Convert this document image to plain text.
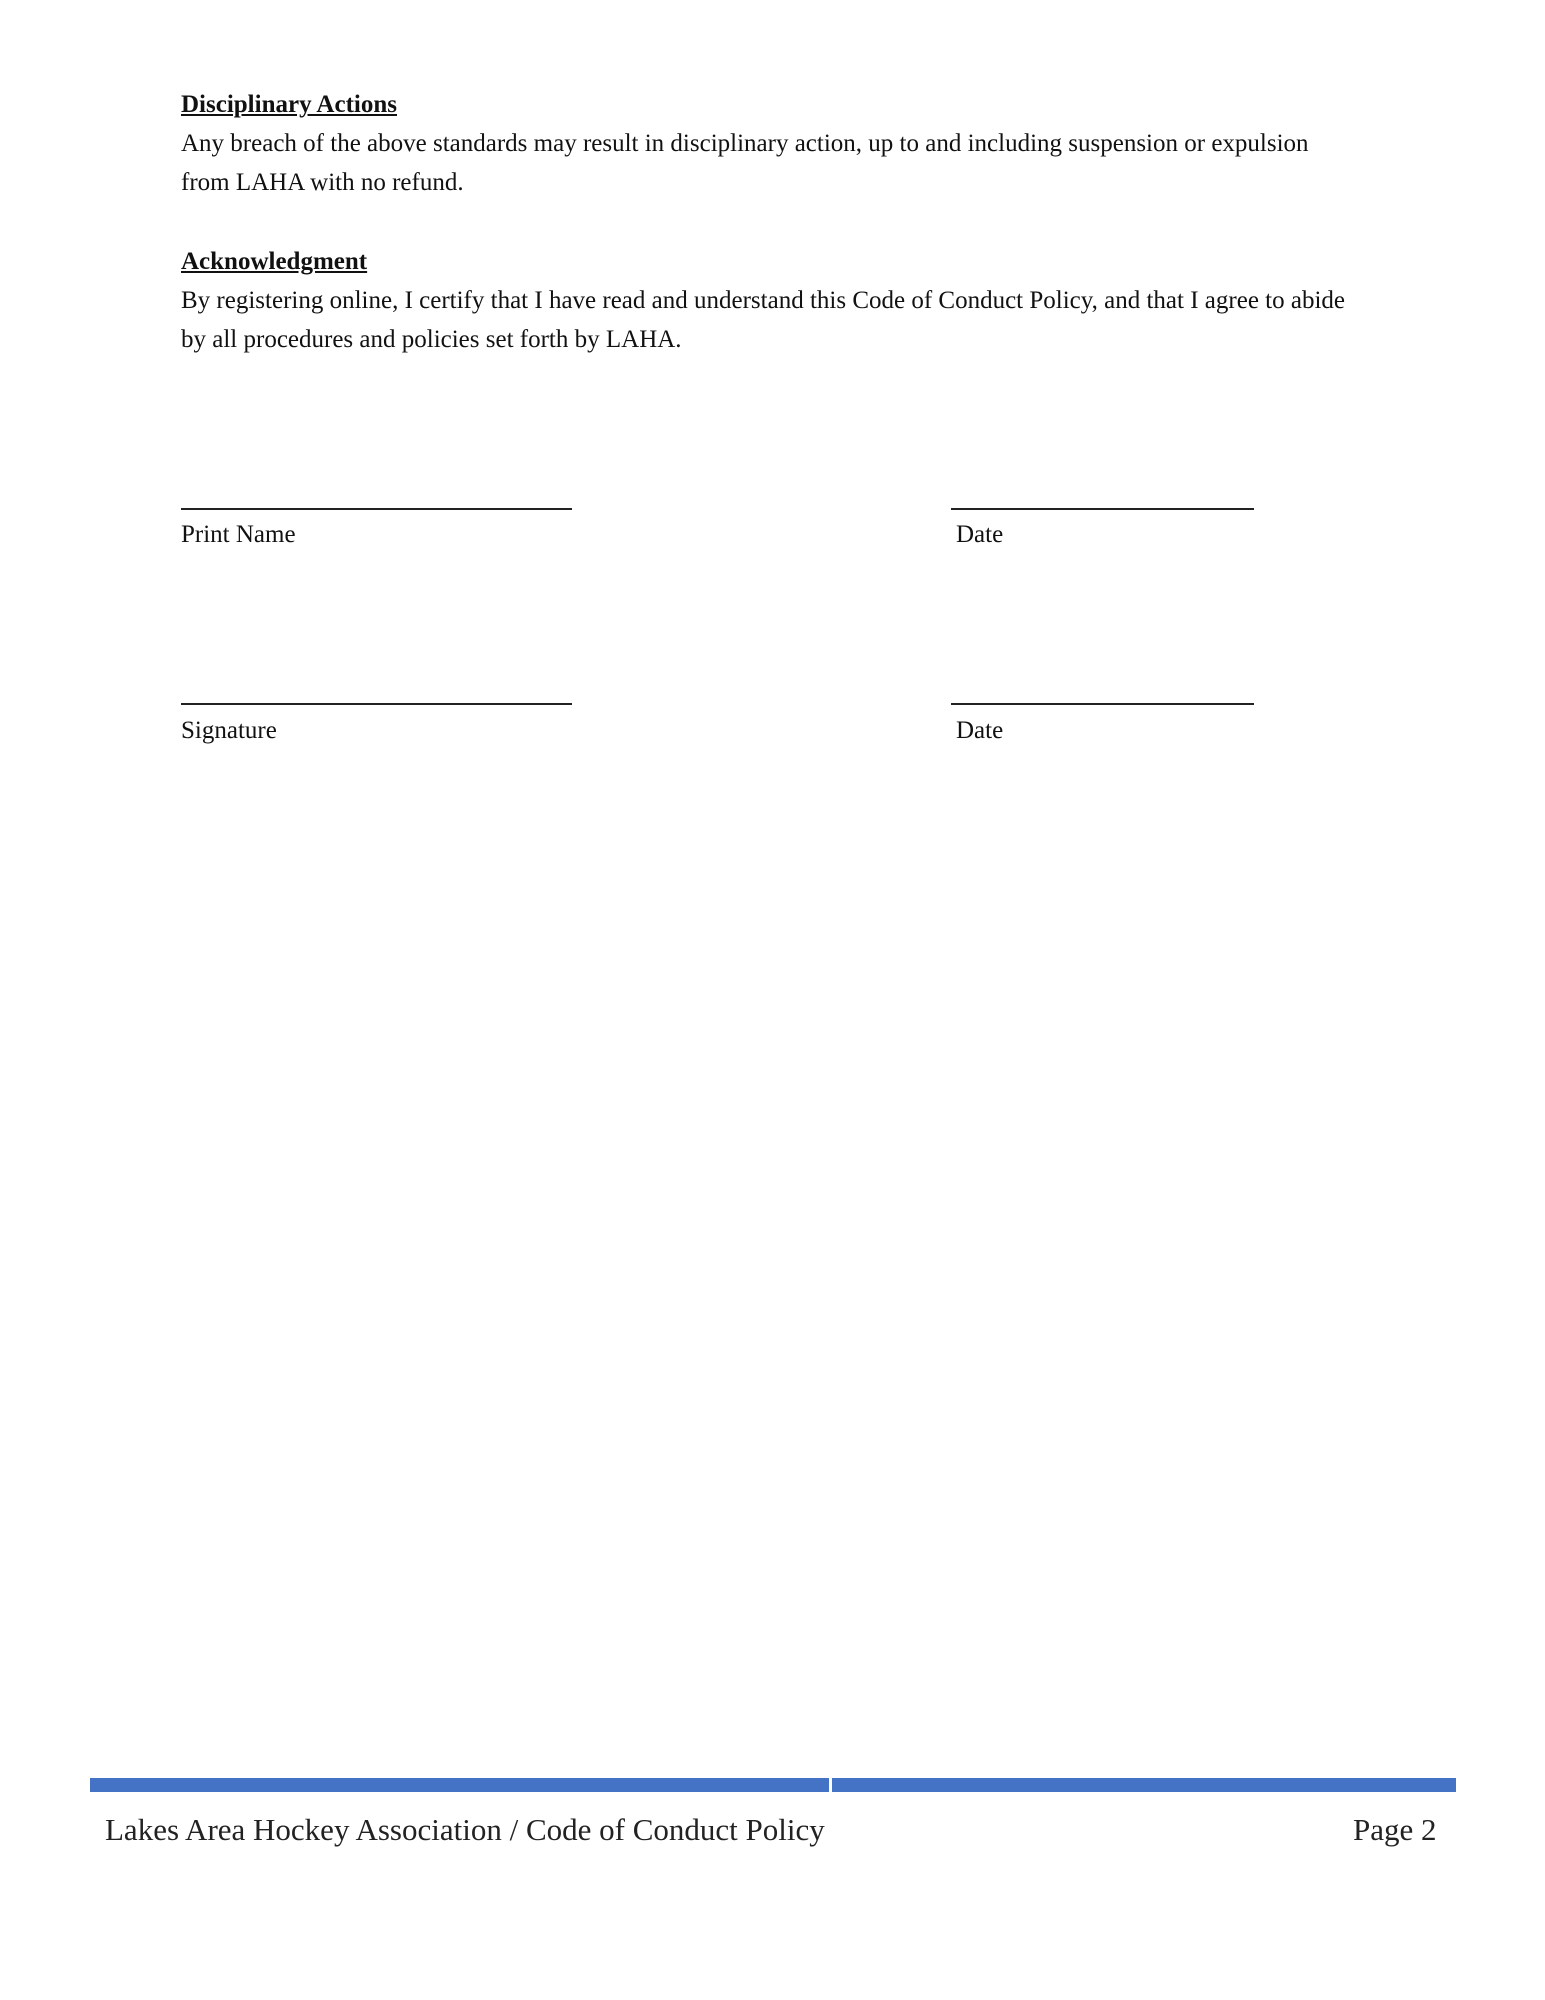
Disciplinary Actions

Any breach of the above standards may result in disciplinary action, up to and including suspension or expulsion from LAHA with no refund.

Acknowledgment

By registering online, I certify that I have read and understand this Code of Conduct Policy, and that I agree to abide by all procedures and policies set forth by LAHA.

Print Name	Date
Signature	Date
Lakes Area Hockey Association / Code of Conduct Policy	Page 2
